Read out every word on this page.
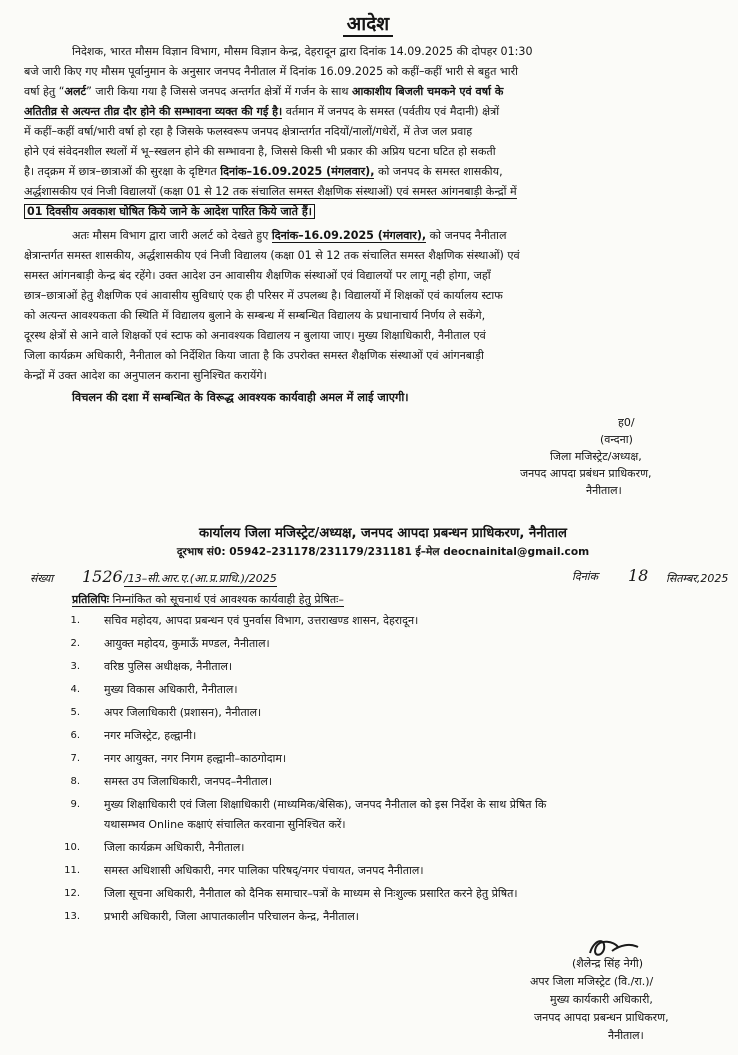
आदेश

निदेशक, भारत मौसम विज्ञान विभाग, मौसम विज्ञान केन्द्र, देहरादून द्वारा दिनांक 14.09.2025 की दोपहर 01:30
बजे जारी किए गए मौसम पूर्वानुमान के अनुसार जनपद नैनीताल में दिनांक 16.09.2025 को कहीं–कहीं भारी से बहुत भारी
वर्षा हेतु “अलर्ट” जारी किया गया है जिससे जनपद अन्तर्गत क्षेत्रों में गर्जन के साथ आकाशीय बिजली चमकने एवं वर्षा के
अतितीव्र से अत्यन्त तीव्र दौर होने की सम्भावना व्यक्त की गई है। वर्तमान में जनपद के समस्त (पर्वतीय एवं मैदानी) क्षेत्रों
में कहीं–कहीं वर्षा/भारी वर्षा हो रहा है जिसके फलस्वरूप जनपद क्षेत्रान्तर्गत नदियों/नालों/गधेरों, में तेज जल प्रवाह
होने एवं संवेदनशील स्थलों में भू–स्खलन होने की सम्भावना है, जिससे किसी भी प्रकार की अप्रिय घटना घटित हो सकती
है। तद्क्रम में छात्र–छात्राओं की सुरक्षा के दृष्टिगत दिनांक–16.09.2025 (मंगलवार), को जनपद के समस्त शासकीय,
अर्द्धशासकीय एवं निजी विद्यालयों (कक्षा 01 से 12 तक संचालित समस्त शैक्षणिक संस्थाओं) एवं समस्त आंगनबाड़ी केन्द्रों में
01 दिवसीय अवकाश घोषित किये जाने के आदेश पारित किये जाते हैं।

अतः मौसम विभाग द्वारा जारी अलर्ट को देखते हुए दिनांक–16.09.2025 (मंगलवार), को जनपद नैनीताल
क्षेत्रान्तर्गत समस्त शासकीय, अर्द्धशासकीय एवं निजी विद्यालय (कक्षा 01 से 12 तक संचालित समस्त शैक्षणिक संस्थाओं) एवं
समस्त आंगनबाड़ी केन्द्र बंद रहेंगे। उक्त आदेश उन आवासीय शैक्षणिक संस्थाओं एवं विद्यालयों पर लागू नही होगा, जहाँ
छात्र–छात्राओं हेतु शैक्षणिक एवं आवासीय सुविधाएं एक ही परिसर में उपलब्ध है। विद्यालयों में शिक्षकों एवं कार्यालय स्टाफ
को अत्यन्त आवश्यकता की स्थिति में विद्यालय बुलाने के सम्बन्ध में सम्बन्धित विद्यालय के प्रधानाचार्य निर्णय ले सकेंगे,
दूरस्थ क्षेत्रों से आने वाले शिक्षकों एवं स्टाफ को अनावश्यक विद्यालय न बुलाया जाए। मुख्य शिक्षाधिकारी, नैनीताल एवं
जिला कार्यक्रम अधिकारी, नैनीताल को निर्देशित किया जाता है कि उपरोक्त समस्त शैक्षणिक संस्थाओं एवं आंगनबाड़ी
केन्द्रों में उक्त आदेश का अनुपालन कराना सुनिश्चित करायेंगे।

विचलन की दशा में सम्बन्धित के विरूद्ध आवश्यक कार्यवाही अमल में लाई जाएगी।
ह0/
(वन्दना)
जिला मजिस्ट्रेट/अध्यक्ष,
जनपद आपदा प्रबंधन प्राधिकरण,
नैनीताल।
कार्यालय जिला मजिस्ट्रेट/अध्यक्ष, जनपद आपदा प्रबन्धन प्राधिकरण, नैनीताल
दूरभाष सं0: 05942–231178/231179/231181 ई–मेल deocnainital@gmail.com
संख्या 1526 /13–सी.आर.ए.(आ.प्र.प्राधि.)/2025	दिनांक 18 सितम्बर,2025
प्रतिलिपिः निम्नांकित को सूचनार्थ एवं आवश्यक कार्यवाही हेतु प्रेषितः–
1. सचिव महोदय, आपदा प्रबन्धन एवं पुनर्वास विभाग, उत्तराखण्ड शासन, देहरादून।
2. आयुक्त महोदय, कुमाऊँ मण्डल, नैनीताल।
3. वरिष्ठ पुलिस अधीक्षक, नैनीताल।
4. मुख्य विकास अधिकारी, नैनीताल।
5. अपर जिलाधिकारी (प्रशासन), नैनीताल।
6. नगर मजिस्ट्रेट, हल्द्वानी।
7. नगर आयुक्त, नगर निगम हल्द्वानी–काठगोदाम।
8. समस्त उप जिलाधिकारी, जनपद–नैनीताल।
9. मुख्य शिक्षाधिकारी एवं जिला शिक्षाधिकारी (माध्यमिक/बेसिक), जनपद नैनीताल को इस निर्देश के साथ प्रेषित कि
यथासम्भव Online कक्षाएं संचालित करवाना सुनिश्चित करें।
10. जिला कार्यक्रम अधिकारी, नैनीताल।
11. समस्त अधिशासी अधिकारी, नगर पालिका परिषद्/नगर पंचायत, जनपद नैनीताल।
12. जिला सूचना अधिकारी, नैनीताल को दैनिक समाचार–पत्रों के माध्यम से निःशुल्क प्रसारित करने हेतु प्रेषित।
13. प्रभारी अधिकारी, जिला आपातकालीन परिचालन केन्द्र, नैनीताल।
(शैलेन्द्र सिंह नेगी)
अपर जिला मजिस्ट्रेट (वि./रा.)/
मुख्य कार्यकारी अधिकारी,
जनपद आपदा प्रबन्धन प्राधिकरण,
नैनीताल।
